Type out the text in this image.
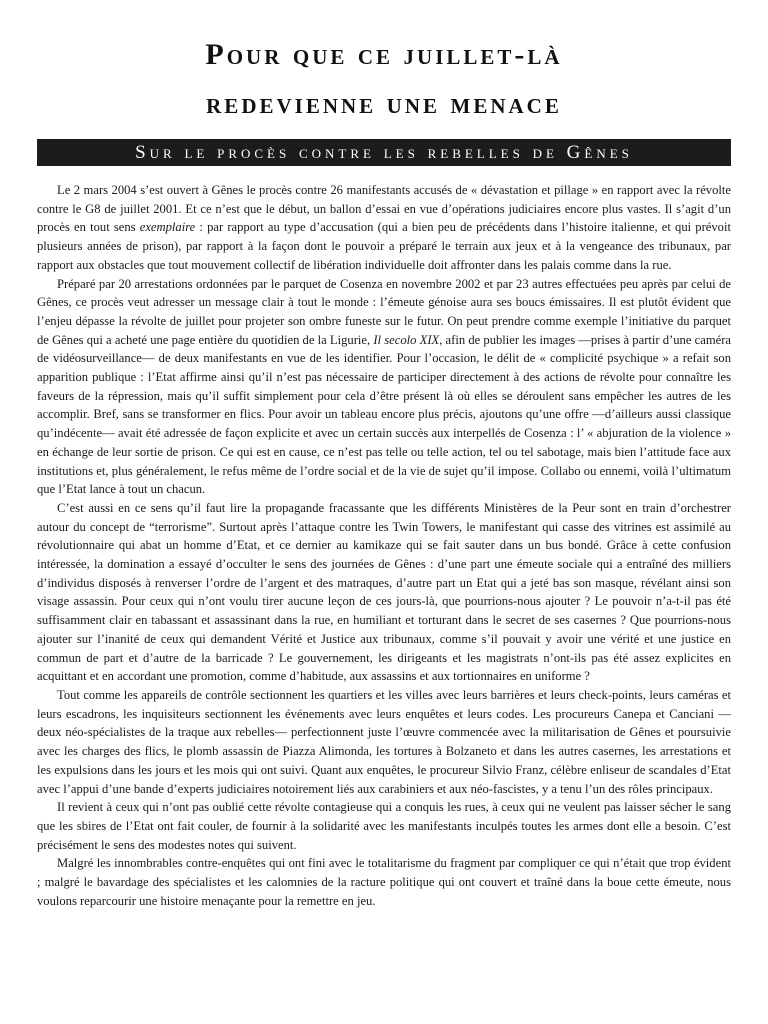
Pour que ce juillet-là
redevienne une menace
Sur le procès contre les rebelles de Gênes

Le 2 mars 2004 s’est ouvert à Gênes le procès contre 26 manifestants accusés de « dévastation et pillage » en rapport avec la révolte contre le G8 de juillet 2001. Et ce n’est que le début, un ballon d’essai en vue d’opérations judiciaires encore plus vastes. Il s’agit d’un procès en tout sens exemplaire : par rapport au type d’accusation (qui a bien peu de précédents dans l’histoire italienne, et qui prévoit plusieurs années de prison), par rapport à la façon dont le pouvoir a préparé le terrain aux jeux et à la vengeance des tribunaux, par rapport aux obstacles que tout mouvement collectif de libération individuelle doit affronter dans les palais comme dans la rue.

Préparé par 20 arrestations ordonnées par le parquet de Cosenza en novembre 2002 et par 23 autres effectuées peu après par celui de Gênes, ce procès veut adresser un message clair à tout le monde : l’émeute génoise aura ses boucs émissaires. Il est plutôt évident que l’enjeu dépasse la révolte de juillet pour projeter son ombre funeste sur le futur. On peut prendre comme exemple l’initiative du parquet de Gênes qui a acheté une page entière du quotidien de la Ligurie, Il secolo XIX, afin de publier les images —prises à partir d’une caméra de vidéosurveillance— de deux manifestants en vue de les identifier. Pour l’occasion, le délit de « complicité psychique » a refait son apparition publique : l’Etat affirme ainsi qu’il n’est pas nécessaire de participer directement à des actions de révolte pour connaître les faveurs de la répression, mais qu’il suffit simplement pour cela d’être présent là où elles se déroulent sans empêcher les autres de les accomplir. Bref, sans se transformer en flics. Pour avoir un tableau encore plus précis, ajoutons qu’une offre —d’ailleurs aussi classique qu’indécente— avait été adressée de façon explicite et avec un certain succès aux interpellés de Cosenza : l’ « abjuration de la violence » en échange de leur sortie de prison. Ce qui est en cause, ce n’est pas telle ou telle action, tel ou tel sabotage, mais bien l’attitude face aux institutions et, plus généralement, le refus même de l’ordre social et de la vie de sujet qu’il impose. Collabo ou ennemi, voilà l’ultimatum que l’Etat lance à tout un chacun.

C’est aussi en ce sens qu’il faut lire la propagande fracassante que les différents Ministères de la Peur sont en train d’orchestrer autour du concept de “terrorisme”. Surtout après l’attaque contre les Twin Towers, le manifestant qui casse des vitrines est assimilé au révolutionnaire qui abat un homme d’Etat, et ce dernier au kamikaze qui se fait sauter dans un bus bondé. Grâce à cette confusion intéressée, la domination a essayé d’occulter le sens des journées de Gênes : d’une part une émeute sociale qui a entraîné des milliers d’individus disposés à renverser l’ordre de l’argent et des matraques, d’autre part un Etat qui a jeté bas son masque, révélant ainsi son visage assassin. Pour ceux qui n’ont voulu tirer aucune leçon de ces jours-là, que pourrions-nous ajouter ? Le pouvoir n’a-t-il pas été suffisamment clair en tabassant et assassinant dans la rue, en humiliant et torturant dans le secret de ses casernes ? Que pourrions-nous ajouter sur l’inanité de ceux qui demandent Vérité et Justice aux tribunaux, comme s’il pouvait y avoir une vérité et une justice en commun de part et d’autre de la barricade ? Le gouvernement, les dirigeants et les magistrats n’ont-ils pas été assez explicites en acquittant et en accordant une promotion, comme d’habitude, aux assassins et aux tortionnaires en uniforme ?

Tout comme les appareils de contrôle sectionnent les quartiers et les villes avec leurs barrières et leurs check-points, leurs caméras et leurs escadrons, les inquisiteurs sectionnent les événements avec leurs enquêtes et leurs codes. Les procureurs Canepa et Canciani —deux néo-spécialistes de la traque aux rebelles— perfectionnent juste l’œuvre commencée avec la militarisation de Gênes et poursuivie avec les charges des flics, le plomb assassin de Piazza Alimonda, les tortures à Bolzaneto et dans les autres casernes, les arrestations et les expulsions dans les jours et les mois qui ont suivi. Quant aux enquêtes, le procureur Silvio Franz, célèbre enliseur de scandales d’Etat avec l’appui d’une bande d’experts judiciaires notoirement liés aux carabiniers et aux néo-fascistes, y a tenu l’un des rôles principaux.

Il revient à ceux qui n’ont pas oublié cette révolte contagieuse qui a conquis les rues, à ceux qui ne veulent pas laisser sécher le sang que les sbires de l’Etat ont fait couler, de fournir à la solidarité avec les manifestants inculpés toutes les armes dont elle a besoin. C’est précisément le sens des modestes notes qui suivent.

Malgré les innombrables contre-enquêtes qui ont fini avec le totalitarisme du fragment par compliquer ce qui n’était que trop évident ; malgré le bavardage des spécialistes et les calomnies de la racture politique qui ont couvert et traîné dans la boue cette émeute, nous voulons reparcourir une histoire menaçante pour la remettre en jeu.
